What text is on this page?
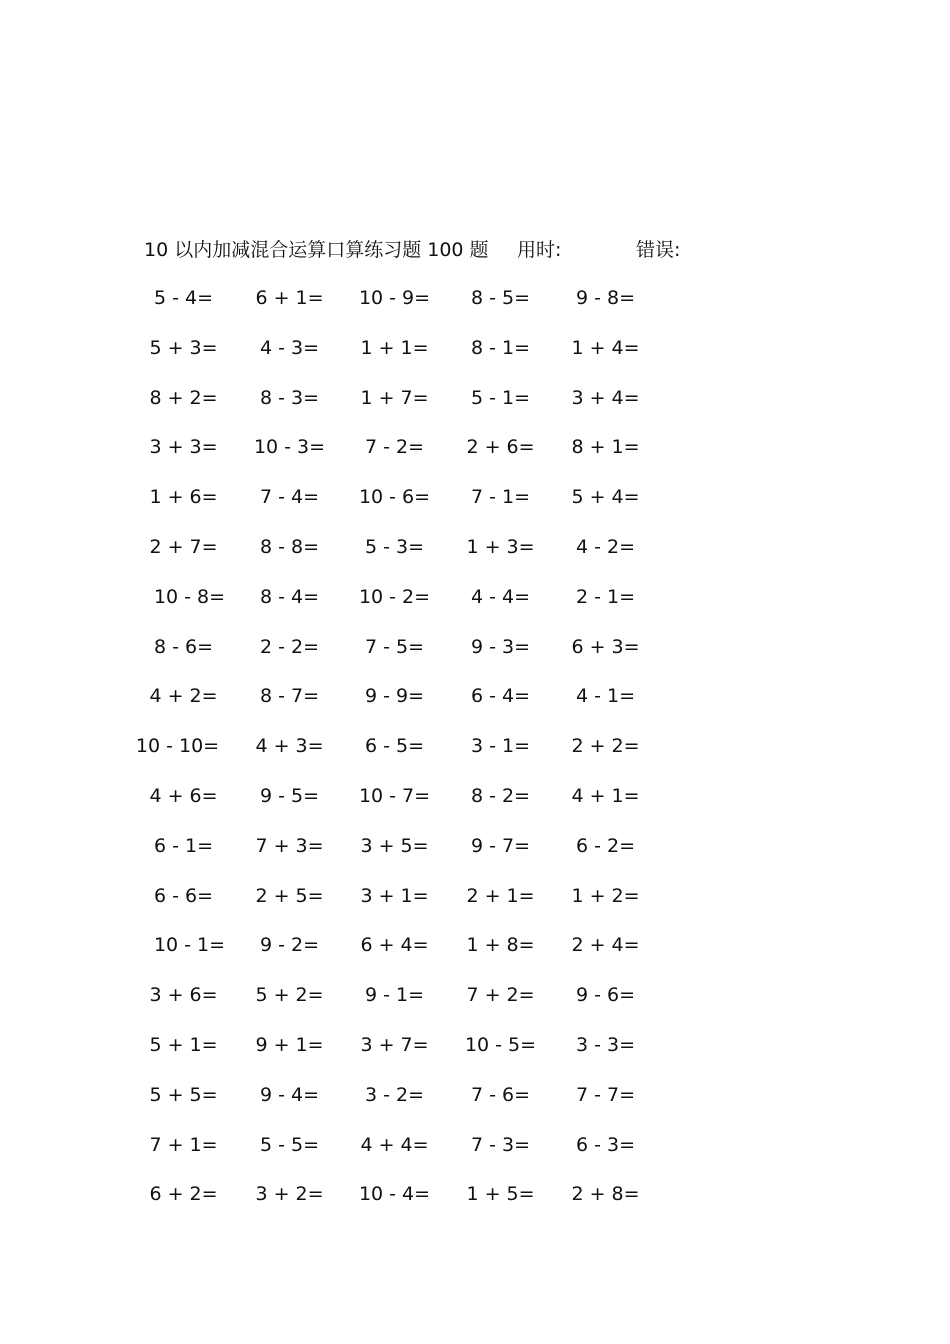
10 以内加减混合运算口算练习题 100 题 用时:	错误:
5 - 4=	6 + 1=	10 - 9=	8 - 5=	9 - 8=
5 + 3=	4 - 3=	1 + 1=	8 - 1=	1 + 4=
8 + 2=	8 - 3=	1 + 7=	5 - 1=	3 + 4=
3 + 3=	10 - 3=	7 - 2=	2 + 6=	8 + 1=
1 + 6=	7 - 4=	10 - 6=	7 - 1=	5 + 4=
2 + 7=	8 - 8=	5 - 3=	1 + 3=	4 - 2=
10 - 8=	8 - 4=	10 - 2=	4 - 4=	2 - 1=
8 - 6=	2 - 2=	7 - 5=	9 - 3=	6 + 3=
4 + 2=	8 - 7=	9 - 9=	6 - 4=	4 - 1=
10 - 10=	4 + 3=	6 - 5=	3 - 1=	2 + 2=
4 + 6=	9 - 5=	10 - 7=	8 - 2=	4 + 1=
6 - 1=	7 + 3=	3 + 5=	9 - 7=	6 - 2=
6 - 6=	2 + 5=	3 + 1=	2 + 1=	1 + 2=
10 - 1=	9 - 2=	6 + 4=	1 + 8=	2 + 4=
3 + 6=	5 + 2=	9 - 1=	7 + 2=	9 - 6=
5 + 1=	9 + 1=	3 + 7=	10 - 5=	3 - 3=
5 + 5=	9 - 4=	3 - 2=	7 - 6=	7 - 7=
7 + 1=	5 - 5=	4 + 4=	7 - 3=	6 - 3=
6 + 2=	3 + 2=	10 - 4=	1 + 5=	2 + 8=
